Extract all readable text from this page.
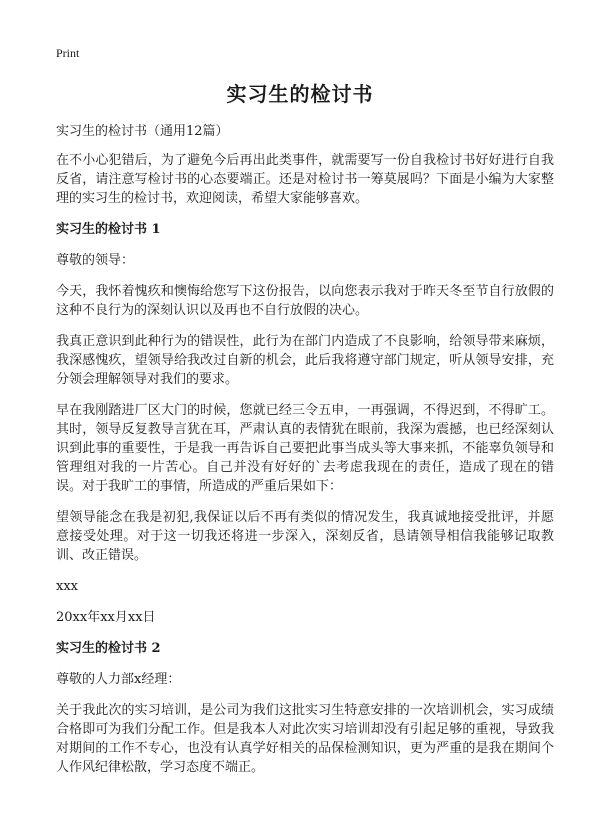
Print
实习生的检讨书

实习生的检讨书（通用12篇）

在不小心犯错后，为了避免今后再出此类事件，就需要写一份自我检讨书好好进行自我反省，请注意写检讨书的心态要端正。还是对检讨书一筹莫展吗？下面是小编为大家整理的实习生的检讨书，欢迎阅读，希望大家能够喜欢。

实习生的检讨书 1

尊敬的领导：

今天，我怀着愧疚和懊悔给您写下这份报告，以向您表示我对于昨天冬至节自行放假的这种不良行为的深刻认识以及再也不自行放假的决心。

我真正意识到此种行为的错误性，此行为在部门内造成了不良影响，给领导带来麻烦，我深感愧疚，望领导给我改过自新的机会，此后我将遵守部门规定，听从领导安排，充分领会理解领导对我们的要求。

早在我刚踏进厂区大门的时候，您就已经三令五申，一再强调，不得迟到，不得旷工。其时，领导反复教导言犹在耳，严肃认真的表情犹在眼前，我深为震撼，也已经深刻认识到此事的重要性，于是我一再告诉自己要把此事当成头等大事来抓，不能辜负领导和管理组对我的一片苦心。自己并没有好好的`去考虑我现在的责任，造成了现在的错误。对于我旷工的事情，所造成的严重后果如下：

望领导能念在我是初犯,我保证以后不再有类似的情况发生，我真诚地接受批评，并愿意接受处理。对于这一切我还将进一步深入，深刻反省，恳请领导相信我能够记取教训、改正错误。

xxx

20xx年xx月xx日

实习生的检讨书 2

尊敬的人力部x经理：

关于我此次的实习培训，是公司为我们这批实习生特意安排的一次培训机会，实习成绩合格即可为我们分配工作。但是我本人对此次实习培训却没有引起足够的重视，导致我对期间的工作不专心，也没有认真学好相关的品保检测知识，更为严重的是我在期间个人作风纪律松散，学习态度不端正。
